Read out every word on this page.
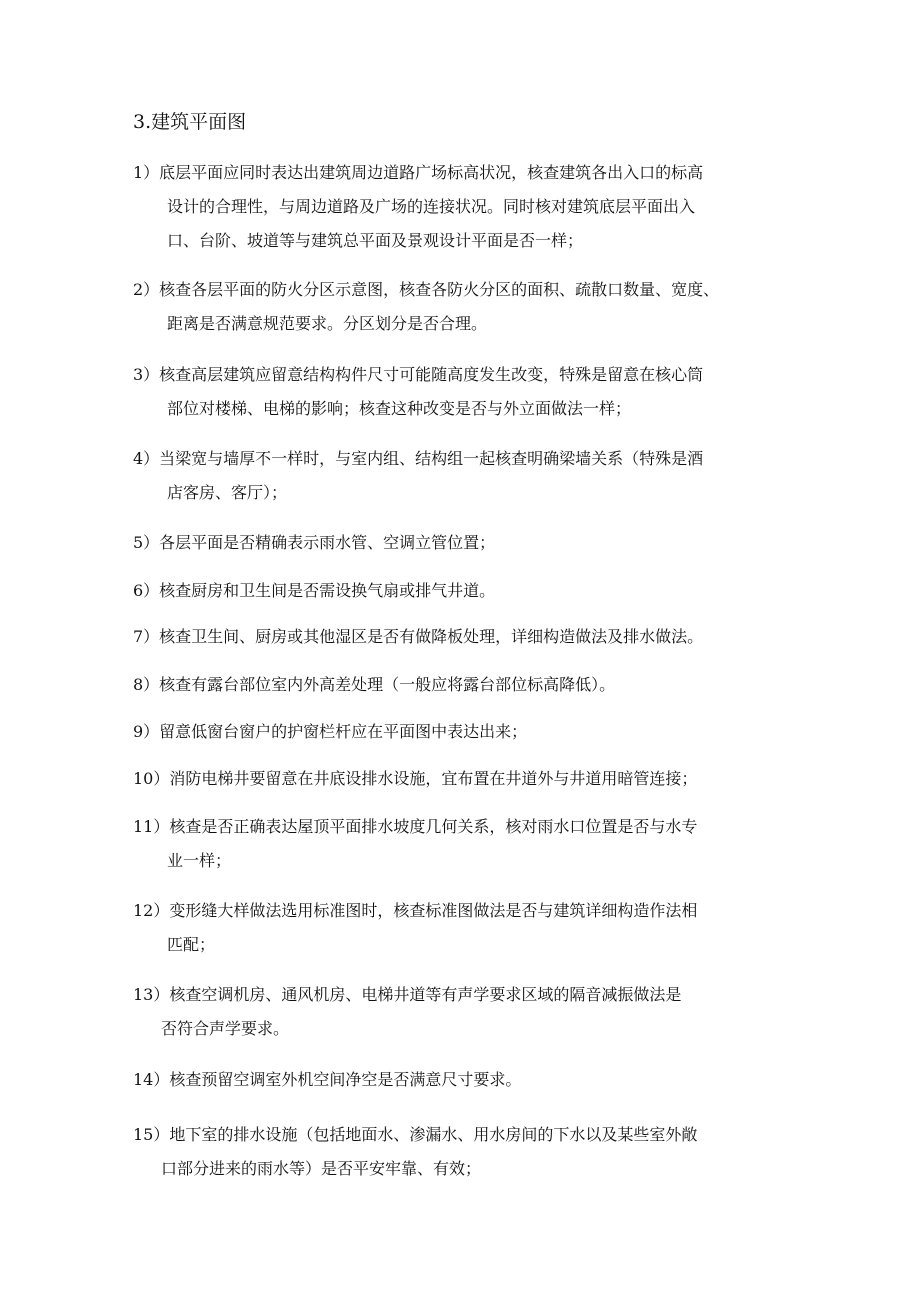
3.建筑平面图
1）底层平面应同时表达出建筑周边道路广场标高状况，核查建筑各出入口的标高
设计的合理性，与周边道路及广场的连接状况。同时核对建筑底层平面出入
口、台阶、坡道等与建筑总平面及景观设计平面是否一样；
2）核查各层平面的防火分区示意图，核查各防火分区的面积、疏散口数量、宽度、
距离是否满意规范要求。分区划分是否合理。
3）核查高层建筑应留意结构构件尺寸可能随高度发生改变，特殊是留意在核心筒
部位对楼梯、电梯的影响；核查这种改变是否与外立面做法一样；
4）当梁宽与墙厚不一样时，与室内组、结构组一起核查明确梁墙关系（特殊是酒
店客房、客厅）；
5）各层平面是否精确表示雨水管、空调立管位置；
6）核查厨房和卫生间是否需设换气扇或排气井道。
7）核查卫生间、厨房或其他湿区是否有做降板处理，详细构造做法及排水做法。
8）核查有露台部位室内外高差处理（一般应将露台部位标高降低）。
9）留意低窗台窗户的护窗栏杆应在平面图中表达出来；
10）消防电梯井要留意在井底设排水设施，宜布置在井道外与井道用暗管连接；
11）核查是否正确表达屋顶平面排水坡度几何关系，核对雨水口位置是否与水专
业一样；
12）变形缝大样做法选用标准图时，核查标准图做法是否与建筑详细构造作法相
匹配；
13）核查空调机房、通风机房、电梯井道等有声学要求区域的隔音减振做法是
否符合声学要求。
14）核查预留空调室外机空间净空是否满意尺寸要求。
15）地下室的排水设施（包括地面水、渗漏水、用水房间的下水以及某些室外敞
口部分进来的雨水等）是否平安牢靠、有效；
